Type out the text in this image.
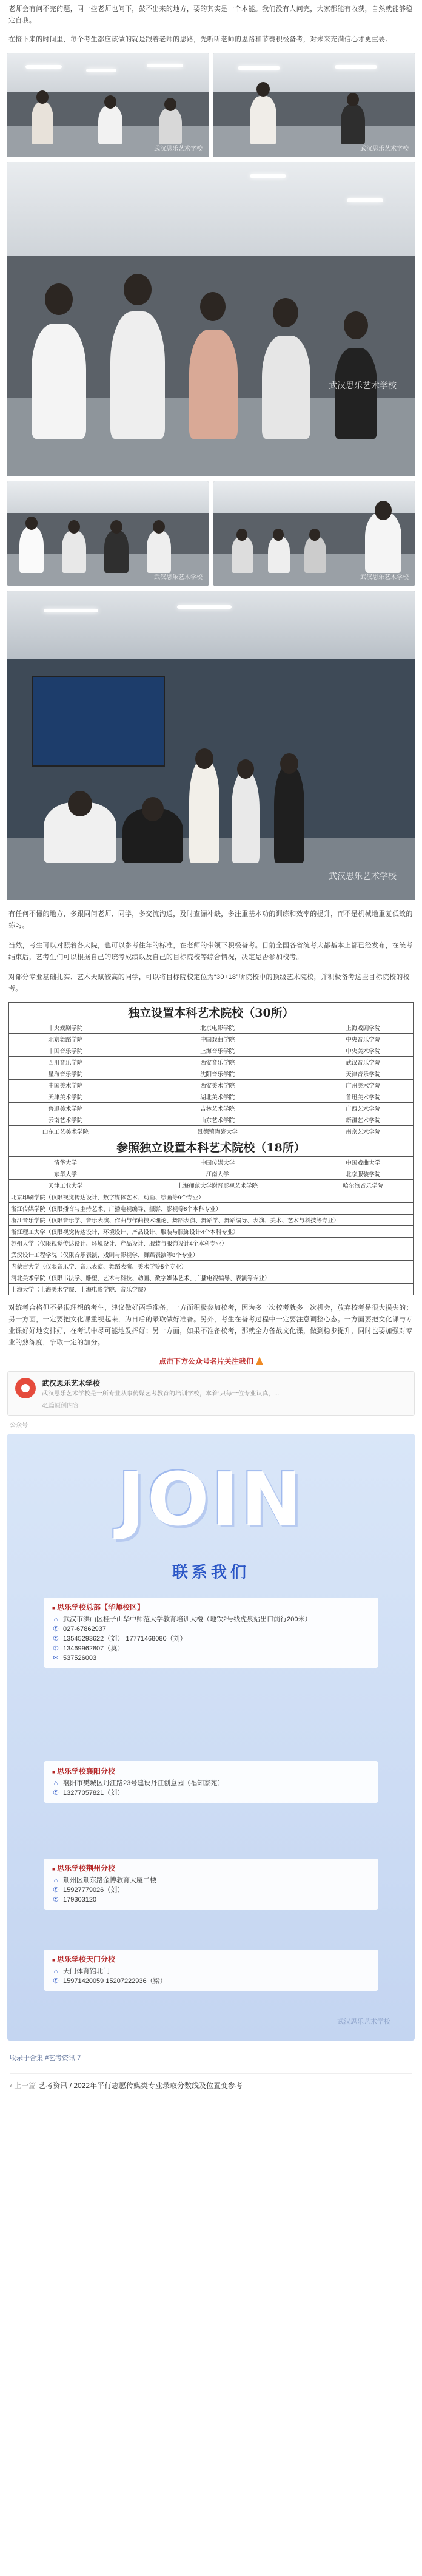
老师会有问不完的题，同一些老师也问下，鼓不出来的地方，要的其实是一个本能。我们没有人问完，大家都能有收获，自然就能够稳定自我。

在接下来的时间里，每个考生都应该做的就是跟着老师的思路，先听听老师的思路和节奏积极备考，对未来充满信心才更重要。

武汉思乐艺术学校	武汉思乐艺术学校
武汉思乐艺术学校
武汉思乐艺术学校	武汉思乐艺术学校
武汉思乐艺术学校

有任何不懂的地方，多跟同问老师、同学，多交流沟通，及时查漏补缺，多注重基本功的训练和效率的提升，而不是机械地重复低效的练习。

当然，考生可以对照着各大院，也可以参考往年的标准，在老师的带领下积极备考。目前全国各省统考大都基本上都已经发布，在统考结束后，艺考生们可以根据自己的统考成绩以及自己的目标院校等综合情况，决定是否参加校考。

对部分专业基础扎实、艺术天赋较高的同学，可以将目标院校定位为“30+18”所院校中的顶级艺术院校，并积极备考这些目标院校的校考。

独立设置本科艺术院校（30所）		
中央戏剧学院	北京电影学院	上海戏剧学院
北京舞蹈学院	中国戏曲学院	中央音乐学院
中国音乐学院	上海音乐学院	中央美术学院
四川音乐学院	西安音乐学院	武汉音乐学院
星海音乐学院	沈阳音乐学院	天津音乐学院
中国美术学院	西安美术学院	广州美术学院
天津美术学院	湖北美术学院	鲁迅美术学院
鲁迅美术学院	吉林艺术学院	广西艺术学院
云南艺术学院	山东艺术学院	新疆艺术学院
山东工艺美术学院	景德镇陶瓷大学	南京艺术学院
参照独立设置本科艺术院校（18所）		
清华大学	中国传媒大学	中国戏曲大学
东华大学	江南大学	北京服装学院
天津工业大学	上海师范大学谢晋影视艺术学院	哈尔滨音乐学院
北京印刷学院（仅限视觉传达设计、数字媒体艺术、动画、绘画等9个专业）		
浙江传媒学院（仅限播音与主持艺术、广播电视编导、摄影、影视等8个本科专业）		
浙江音乐学院（仅限音乐学、音乐表演、作曲与作曲技术理论、舞蹈表演、舞蹈学、舞蹈编导、表演、美术、艺术与科技等专业）		
浙江理工大学（仅限视觉传达设计、环境设计、产品设计、服装与服饰设计4个本科专业）		
苏州大学（仅限视觉传达设计、环境设计、产品设计、服装与服饰设计4个本科专业）		
武汉设计工程学院（仅限音乐表演、戏剧与影视学、舞蹈表演等8个专业）		
内蒙古大学（仅限音乐学、音乐表演、舞蹈表演、美术学等5个专业）		
河北美术学院（仅限书法学、雕塑、艺术与科技、动画、数字媒体艺术、广播电视编导、表演等专业）		
上海大学（上海美术学院、上海电影学院、音乐学院）		

对统考合格但不是很理想的考生，建议做好两手准备，一方面积极参加校考，因为多一次校考就多一次机会，放弃校考是很大损失的；另一方面，一定要把文化课重视起来，为日后的录取做好准备。另外，考生在备考过程中一定要注意调整心态。一方面要把文化课与专业课好好地安排好，在考试中尽可能地发挥好；另一方面，如果不准备校考，那就全力备战文化课，做到稳步提升，同时也要加强对专业的熟练度，争取一定的加分。

点击下方公众号名片关注我们
武汉思乐艺术学校
武汉思乐艺术学校是一所专业从事传媒艺考教育的培训学校，本着“只每一位专业认真，...
41篇原创内容
公众号
JOIN
联系我们
■ 思乐学校总部【华师校区】
⌂ 武汉市洪山区桂子山华中师范大学教育培训大楼（地铁2号线虎泉站出口前行200米）
✆ 027-67862937
✆ 13545293622（刘） 17771468080（刘）
✆ 13469962807（莫）
✉ 537526003
■ 思乐学校襄阳分校
⌂ 襄阳市樊城区丹江路23号建设丹江创意园（福知家苑）
✆ 13277057821（刘）
■ 思乐学校荆州分校
⌂ 荆州区荆东路金博教育大厦二楼
✆ 15927779026（刘）
✆ 179303120
■ 思乐学校天门分校
⌂ 天门体育馆北门
✆ 15971420059 15207222936（梁）
武汉思乐艺术学校
收录于合集 #艺考资讯 7
‹ 上一篇 艺考资讯 / 2022年平行志愿传媒类专业录取分数线及位置变参考
